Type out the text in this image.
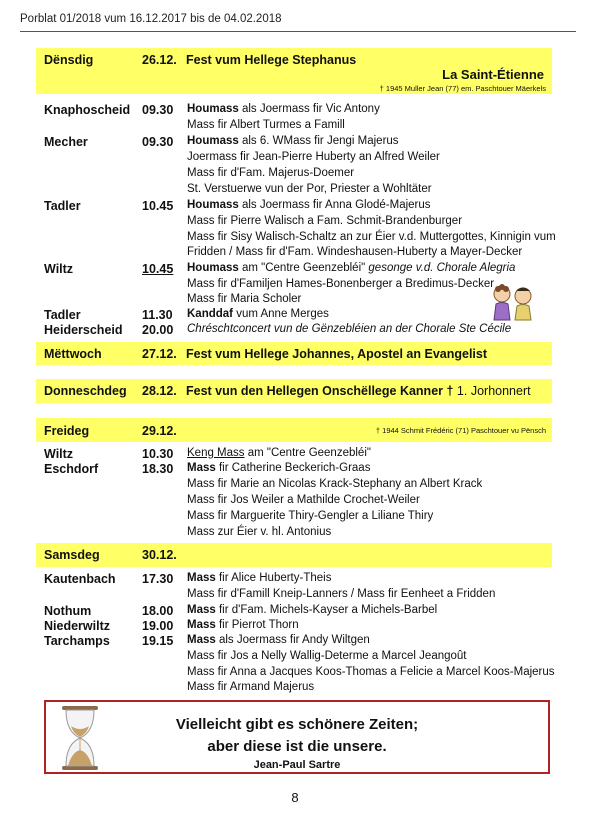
Porblat 01/2018 vum 16.12.2017 bis de 04.02.2018
Dënsdig	26.12. Fest vum Hellege Stephanus
La Saint-Étienne
† 1945 Muller Jean (77) em. Paschtouer Mäerkels
Knaphoscheid 09.30 Houmass als Joermass fir Vic Antony
Mass fir Albert Turmes a Famill
Mecher	09.30 Houmass als 6. WMass fir Jengi Majerus
Joermass fir Jean-Pierre Huberty an Alfred Weiler
Mass fir d'Fam. Majerus-Doemer
St. Verstuerwe vun der Por, Priester a Wohltäter
Tadler	10.45 Houmass als Joermass fir Anna Glodé-Majerus
Mass fir Pierre Walisch a Fam. Schmit-Brandenburger
Mass fir Sisy Walisch-Schaltz an zur Éier v.d. Muttergottes, Kinnigin vum
Fridden / Mass fir d'Fam. Windeshausen-Huberty a Mayer-Decker
Wiltz	10.45 Houmass am "Centre Geenzebléi" gesonge v.d. Chorale Alegria
Mass fir d'Familjen Hames-Bonenberger a Bredimus-Decker
Mass fir Maria Scholer
Tadler	11.30 Kanddaf vum Anne Merges
Heiderscheid 20.00 Chréschtconcert vun de Gënzebléien an der Chorale Ste Cécile
Mëttwoch	27.12. Fest vum Hellege Johannes, Apostel an Evangelist
Donneschdeg 28.12. Fest vun den Hellegen Onschëllege Kanner † 1. Jorhonnert
Freideg	29.12.	† 1944 Schmit Frédéric (71) Paschtouer vu Pënsch
Wiltz	10.30 Keng Mass am "Centre Geenzebléi"
Eschdorf	18.30 Mass fir Catherine Beckerich-Graas
Mass fir Marie an Nicolas Krack-Stephany an Albert Krack
Mass fir Jos Weiler a Mathilde Crochet-Weiler
Mass fir Marguerite Thiry-Gengler a Liliane Thiry
Mass zur Éier v. hl. Antonius
Samsdeg	30.12.
Kautenbach 17.30 Mass fir Alice Huberty-Theis
Mass fir d'Famill Kneip-Lanners / Mass fir Eenheet a Fridden
Nothum	18.00 Mass fir d'Fam. Michels-Kayser a Michels-Barbel
Niederwiltz	19.00 Mass fir Pierrot Thorn
Tarchamps	19.15 Mass als Joermass fir Andy Wiltgen
Mass fir Jos a Nelly Wallig-Determe a Marcel Jeangoût
Mass fir Anna a Jacques Koos-Thomas a Felicie a Marcel Koos-Majerus
Mass fir Armand Majerus
Vielleicht gibt es schönere Zeiten;
aber diese ist die unsere.
Jean-Paul Sartre
8
